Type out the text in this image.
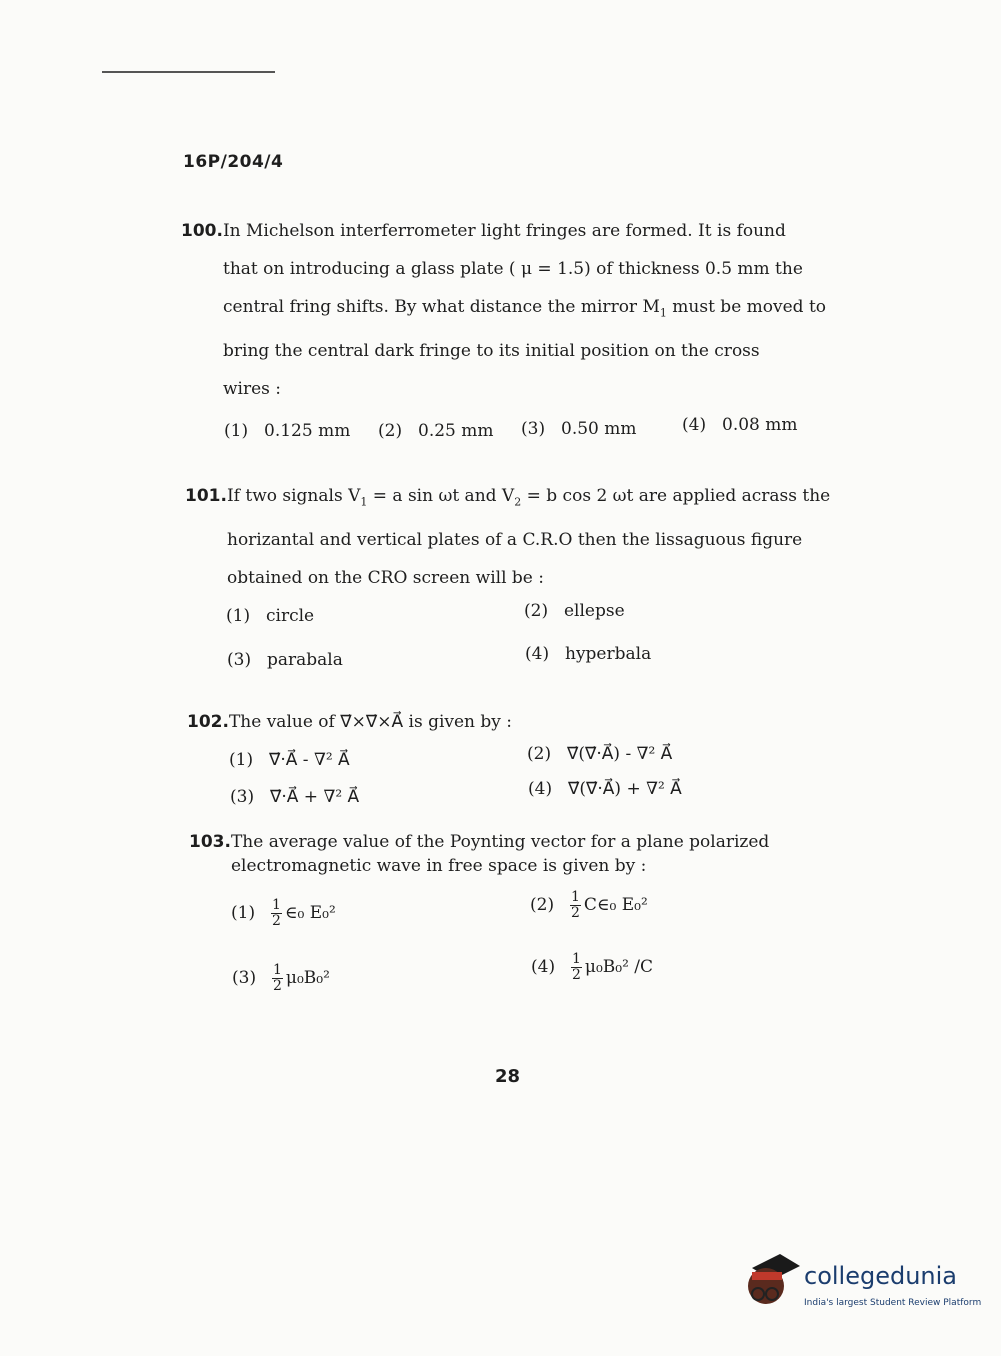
16P/204/4
100.In Michelson interferrometer light fringes are formed. It is found
that on introducing a glass plate ( μ = 1.5) of thickness 0.5 mm the
central fring shifts. By what distance the mirror $M_1$ must be moved to
bring the central dark fringe to its initial position on the cross
wires :
(1) 0.125 mm (2) 0.25 mm (3) 0.50 mm	(4) 0.08 mm
101.If two signals $V_1 = a$ sin ωt and $V_2 = b$ cos 2 ωt are applied acrass the
horizantal and vertical plates of a C.R.O then the lissaguous figure
obtained on the CRO screen will be :
(1) circle	(2) ellepse
(3) parabala	(4) hyperbala
102.The value of ∇⃗×∇⃗×A⃗ is given by :
(1) ∇⃗·A⃗ - ∇² A⃗	(2) ∇⃗(∇⃗·A⃗) - ∇² A⃗
(3) ∇⃗·A⃗ + ∇² A⃗	(4) ∇⃗(∇⃗·A⃗) + ∇² A⃗
103.The average value of the Poynting vector for a plane polarized
electromagnetic wave in free space is given by :
$(1) \frac{1}{2}$ ∈₀ E₀²	$(2) \frac{1}{2}$ C∈₀ E₀²
$(3) \frac{1}{2} \mu_0B_0^2$
$(4) \frac{1}{2} \mu_0B_0^2$ /C
28
collegedunia
India's largest Student Review Platform
